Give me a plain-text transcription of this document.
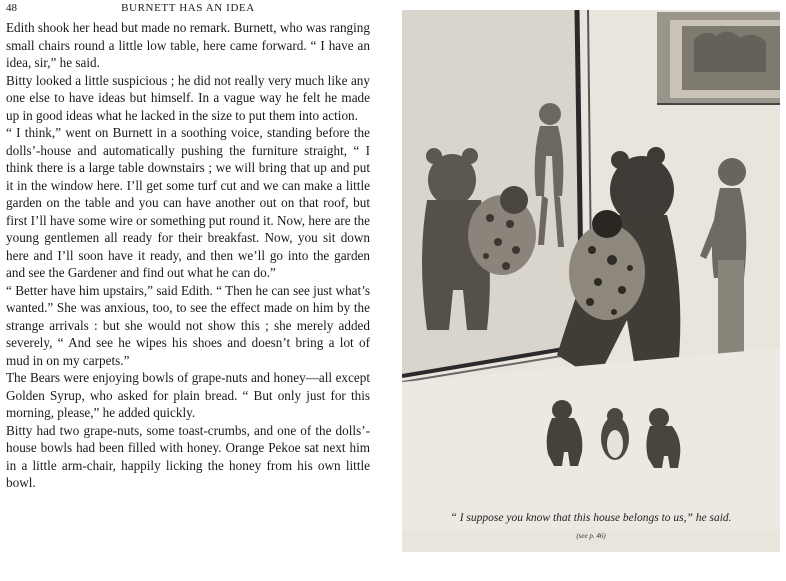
48	BURNETT HAS AN IDEA

Edith shook her head but made no remark. Burnett, who was ranging small chairs round a little low table, here came forward. “ I have an idea, sir,” he said.

Bitty looked a little suspicious ; he did not really very much like any one else to have ideas but himself. In a vague way he felt he made up in good ideas what he lacked in the size to put them into action.

“ I think,” went on Burnett in a soothing voice, standing before the dolls’-house and automatically pushing the furniture straight, “ I think there is a large table downstairs ; we will bring that up and put it in the window here. I’ll get some turf cut and we can make a little garden on the table and you can have another out on that roof, but first I’ll have some wire or something put round it. Now, here are the young gentlemen all ready for their breakfast. Now, you sit down here and I’ll soon have it ready, and then we’ll go into the garden and see the Gardener and find out what he can do.”

“ Better have him upstairs,” said Edith. “ Then he can see just what’s wanted.” She was anxious, too, to see the effect made on him by the strange arrivals : but she would not show this ; she merely added severely, “ And see he wipes his shoes and doesn’t bring a lot of mud in on my carpets.”

The Bears were enjoying bowls of grape-nuts and honey—all except Golden Syrup, who asked for plain bread. “ But only just for this morning, please,” he added quickly.

Bitty had two grape-nuts, some toast-crumbs, and one of the dolls’-house bowls had been filled with honey. Orange Pekoe sat next him in a little arm-chair, happily licking the honey from his own little bowl.

“ I suppose you know that this house belongs to us,” he said.
(see p. 46)
